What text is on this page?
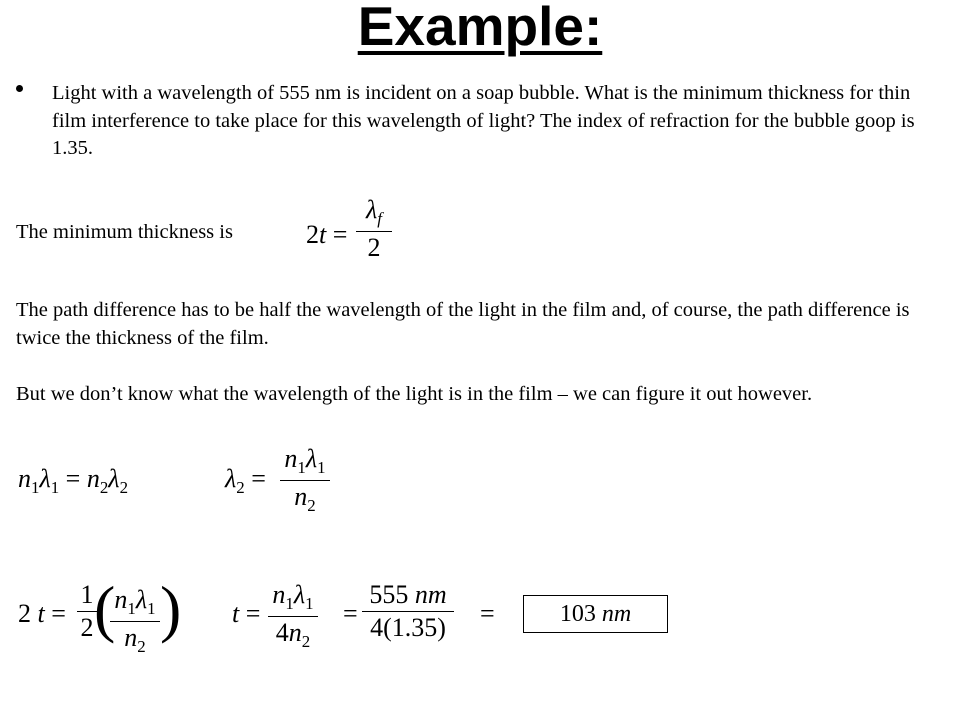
Example:
Light with a wavelength of 555 nm is incident on a soap bubble. What is the minimum thickness for thin film interference to take place for this wavelength of light? The index of refraction for the bubble goop is 1.35.
The minimum thickness is	2t =
$\lambda_f$
2
The path difference has to be half the wavelength of the light in the film and, of course, the path difference is twice the thickness of the film.
But we don’t know what the wavelength of the light is in the film – we can figure it out however.
$n_1\lambda_1 = n_2\lambda_2$	$\lambda_2$ =
$n_1\lambda_1$
$n_2$
2 t =
1
2 ( $n_1\lambda_1$
$n_2$
) t =
$n_1\lambda_1$
$4n_2$
=
555 nm
4(1.35)	=	103 nm
